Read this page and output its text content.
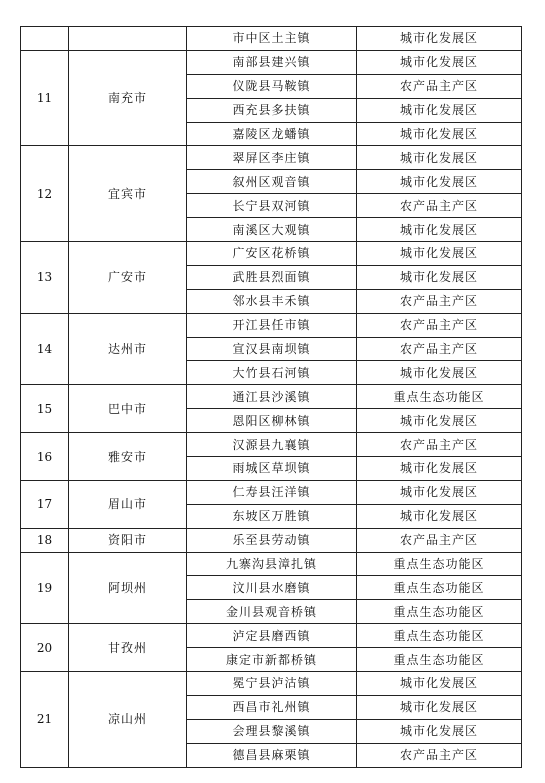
		市中区土主镇	城市化发展区
11	南充市	南部县建兴镇	城市化发展区
		仪陇县马鞍镇	农产品主产区
		西充县多扶镇	城市化发展区
		嘉陵区龙蟠镇	城市化发展区
12	宜宾市	翠屏区李庄镇	城市化发展区
		叙州区观音镇	城市化发展区
		长宁县双河镇	农产品主产区
		南溪区大观镇	城市化发展区
13	广安市	广安区花桥镇	城市化发展区
		武胜县烈面镇	城市化发展区
		邻水县丰禾镇	农产品主产区
14	达州市	开江县任市镇	农产品主产区
		宣汉县南坝镇	农产品主产区
		大竹县石河镇	城市化发展区
15	巴中市	通江县沙溪镇	重点生态功能区
		恩阳区柳林镇	城市化发展区
16	雅安市	汉源县九襄镇	农产品主产区
		雨城区草坝镇	城市化发展区
17	眉山市	仁寿县汪洋镇	城市化发展区
		东坡区万胜镇	城市化发展区
18	资阳市	乐至县劳动镇	农产品主产区
19	阿坝州	九寨沟县漳扎镇	重点生态功能区
		汶川县水磨镇	重点生态功能区
		金川县观音桥镇	重点生态功能区
20	甘孜州	泸定县磨西镇	重点生态功能区
		康定市新都桥镇	重点生态功能区
21	凉山州	冕宁县泸沽镇	城市化发展区
		西昌市礼州镇	城市化发展区
		会理县黎溪镇	城市化发展区
		德昌县麻栗镇	农产品主产区
